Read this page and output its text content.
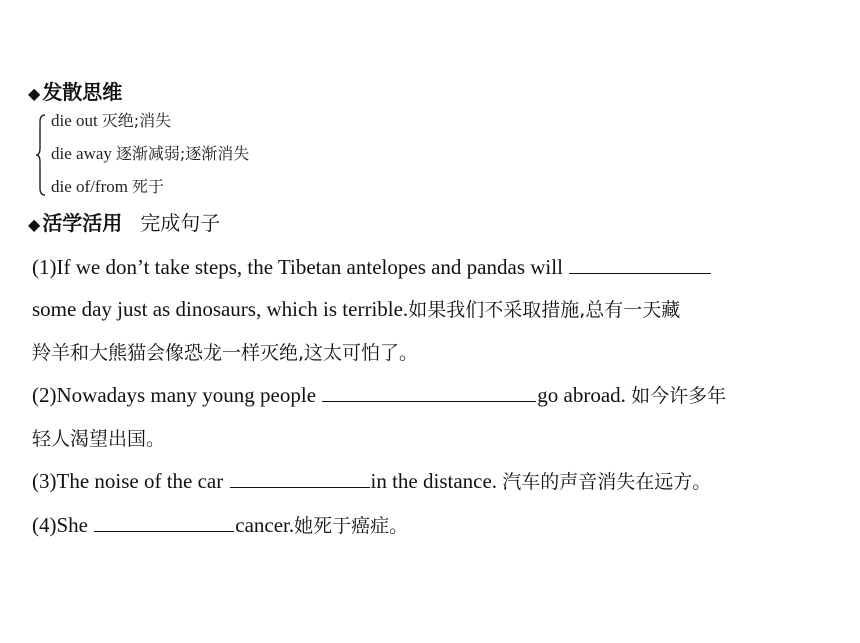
◆ 发散思维
die out 灭绝;消失
die away 逐渐减弱;逐渐消失
die of/from 死于
◆ 活学活用 完成句子
(1)If we don’t take steps, the Tibetan antelopes and pandas will
some day just as dinosaurs, which is terrible.如果我们不采取措施,总有一天藏
羚羊和大熊猫会像恐龙一样灭绝,这太可怕了。
(2)Nowadays many young people	go abroad. 如今许多年
轻人渴望出国。
(3)The noise of the car	in the distance. 汽车的声音消失在远方。
(4)She	cancer.她死于癌症。
